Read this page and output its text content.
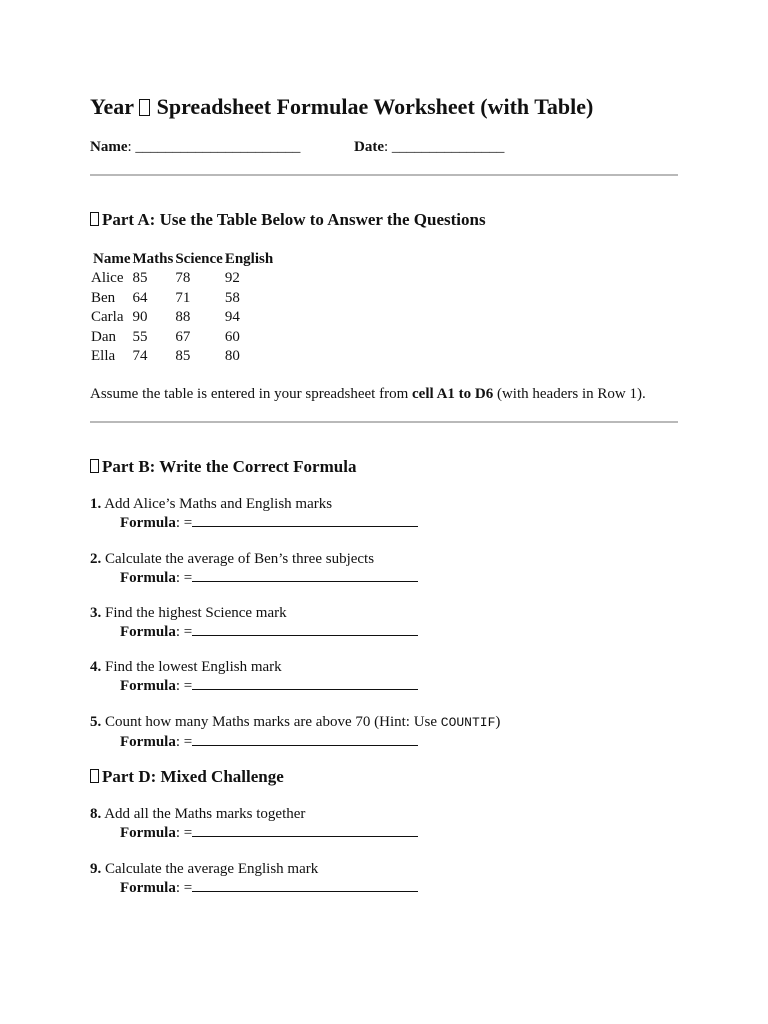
Year Spreadsheet Formulae Worksheet (with Table)
Name: ______________________	Date: _______________
Part A: Use the Table Below to Answer the Questions
Name	Maths	Science	English
Alice	85	78	92
Ben	64	71	58
Carla	90	88	94
Dan	55	67	60
Ella	74	85	80
Assume the table is entered in your spreadsheet from cell A1 to D6 (with headers in Row 1).
Part B: Write the Correct Formula
1. Add Alice’s Maths and English marks
Formula: =
2. Calculate the average of Ben’s three subjects
Formula: =
3. Find the highest Science mark
Formula: =
4. Find the lowest English mark
Formula: =
5. Count how many Maths marks are above 70 (Hint: Use COUNTIF)
Formula: =
Part D: Mixed Challenge
8. Add all the Maths marks together
Formula: =
9. Calculate the average English mark
Formula: =
